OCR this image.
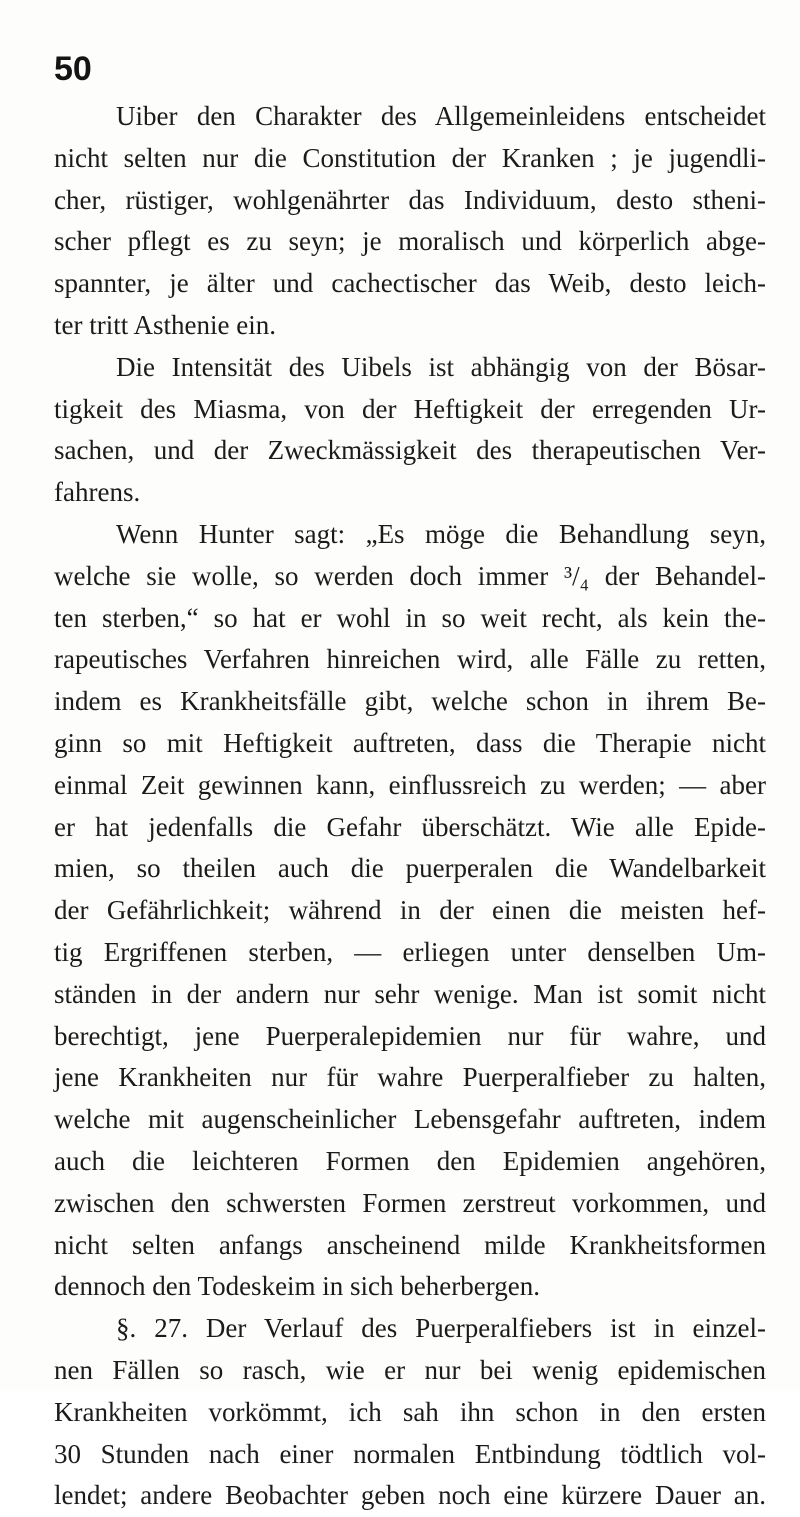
50
Uiber den Charakter des Allgemeinleidens entscheidet
nicht selten nur die Constitution der Kranken ; je jugendli-
cher, rüstiger, wohlgenährter das Individuum, desto stheni-
scher pflegt es zu seyn; je moralisch und körperlich abge-
spannter, je älter und cachectischer das Weib, desto leich-
ter tritt Asthenie ein.
Die Intensität des Uibels ist abhängig von der Bösar-
tigkeit des Miasma, von der Heftigkeit der erregenden Ur-
sachen, und der Zweckmässigkeit des therapeutischen Ver-
fahrens.
Wenn Hunter sagt: „Es möge die Behandlung seyn,
welche sie wolle, so werden doch immer ³/₄ der Behandel-
ten sterben,“ so hat er wohl in so weit recht, als kein the-
rapeutisches Verfahren hinreichen wird, alle Fälle zu retten,
indem es Krankheitsfälle gibt, welche schon in ihrem Be-
ginn so mit Heftigkeit auftreten, dass die Therapie nicht
einmal Zeit gewinnen kann, einflussreich zu werden; — aber
er hat jedenfalls die Gefahr überschätzt. Wie alle Epide-
mien, so theilen auch die puerperalen die Wandelbarkeit
der Gefährlichkeit; während in der einen die meisten hef-
tig Ergriffenen sterben, — erliegen unter denselben Um-
ständen in der andern nur sehr wenige. Man ist somit nicht
berechtigt, jene Puerperalepidemien nur für wahre, und
jene Krankheiten nur für wahre Puerperalfieber zu halten,
welche mit augenscheinlicher Lebensgefahr auftreten, indem
auch die leichteren Formen den Epidemien angehören,
zwischen den schwersten Formen zerstreut vorkommen, und
nicht selten anfangs anscheinend milde Krankheitsformen
dennoch den Todeskeim in sich beherbergen.
§. 27. Der Verlauf des Puerperalfiebers ist in einzel-
nen Fällen so rasch, wie er nur bei wenig epidemischen
Krankheiten vorkömmt, ich sah ihn schon in den ersten
30 Stunden nach einer normalen Entbindung tödtlich vol-
lendet; andere Beobachter geben noch eine kürzere Dauer an.
